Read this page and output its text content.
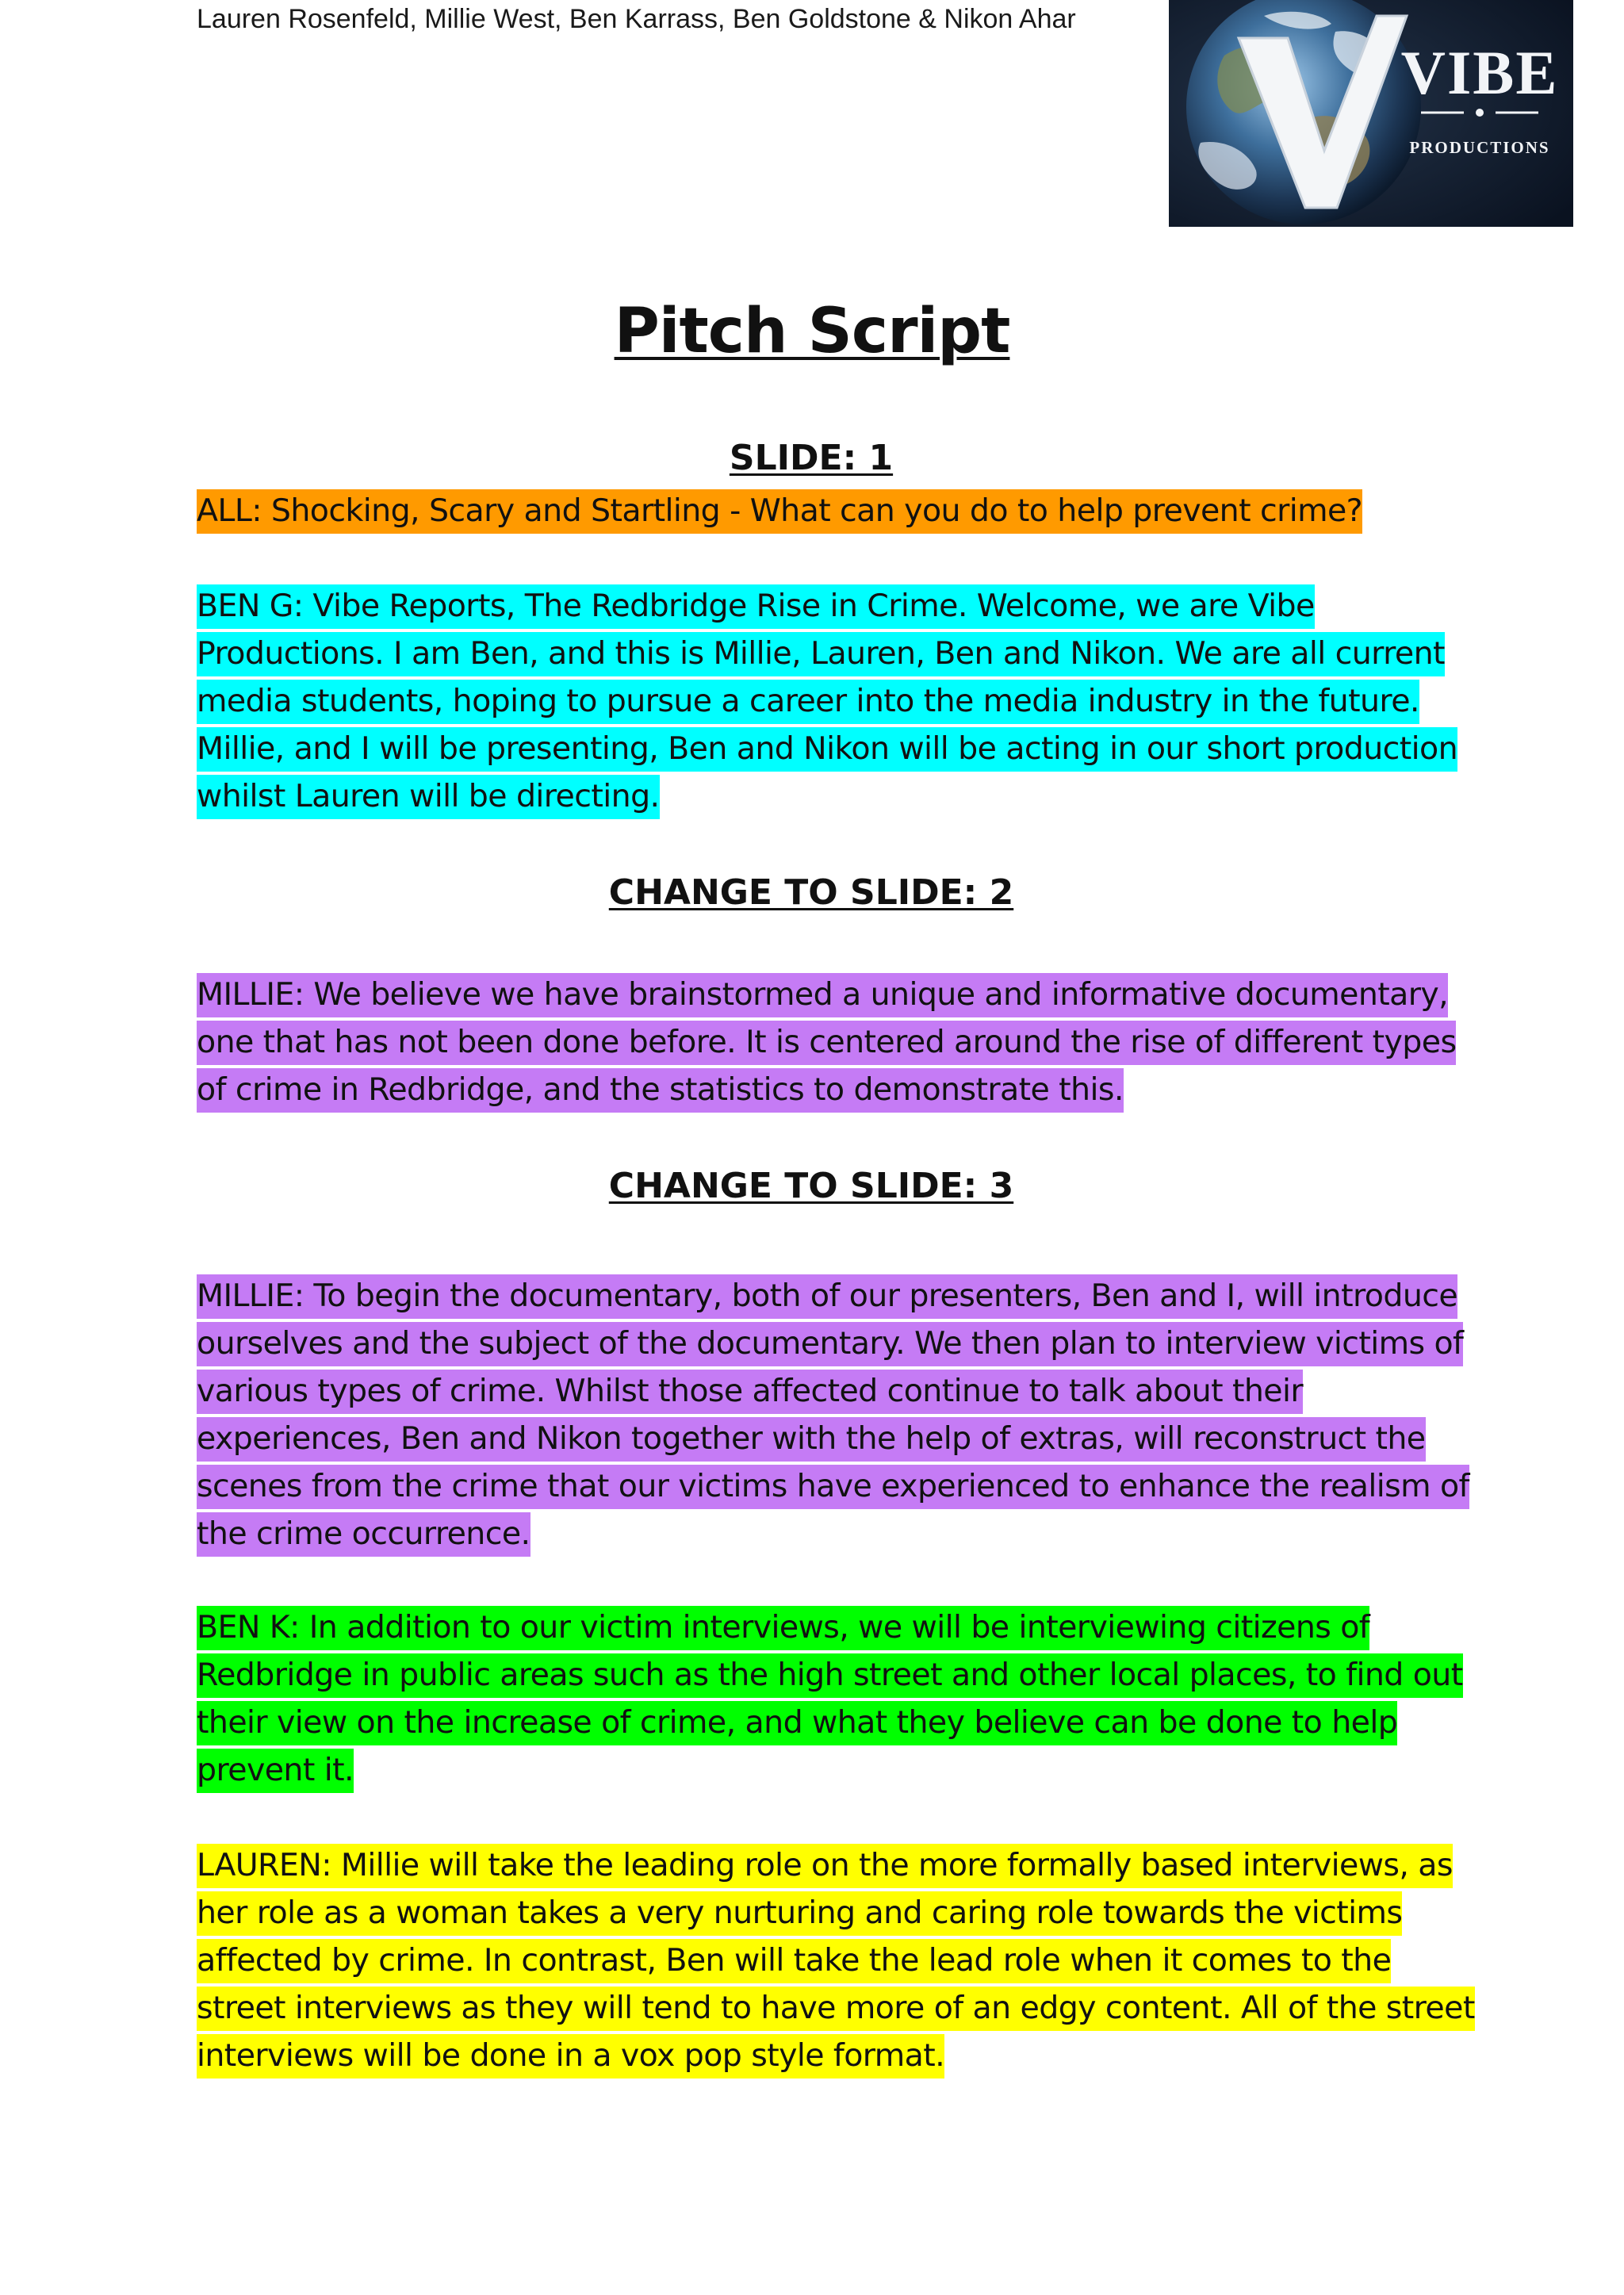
Lauren Rosenfeld, Millie West, Ben Karrass, Ben Goldstone & Nikon Ahar
VIBE
PRODUCTIONS
Pitch Script
SLIDE: 1
ALL: Shocking, Scary and Startling - What can you do to help prevent crime?
BEN G: Vibe Reports, The Redbridge Rise in Crime. Welcome, we are Vibe
Productions. I am Ben, and this is Millie, Lauren, Ben and Nikon. We are all current
media students, hoping to pursue a career into the media industry in the future.
Millie, and I will be presenting, Ben and Nikon will be acting in our short production
whilst Lauren will be directing.
CHANGE TO SLIDE: 2
MILLIE: We believe we have brainstormed a unique and informative documentary,
one that has not been done before. It is centered around the rise of different types
of crime in Redbridge, and the statistics to demonstrate this.
CHANGE TO SLIDE: 3
MILLIE: To begin the documentary, both of our presenters, Ben and I, will introduce
ourselves and the subject of the documentary. We then plan to interview victims of
various types of crime. Whilst those affected continue to talk about their
experiences, Ben and Nikon together with the help of extras, will reconstruct the
scenes from the crime that our victims have experienced to enhance the realism of
the crime occurrence.
BEN K: In addition to our victim interviews, we will be interviewing citizens of
Redbridge in public areas such as the high street and other local places, to find out
their view on the increase of crime, and what they believe can be done to help
prevent it.
LAUREN: Millie will take the leading role on the more formally based interviews, as
her role as a woman takes a very nurturing and caring role towards the victims
affected by crime. In contrast, Ben will take the lead role when it comes to the
street interviews as they will tend to have more of an edgy content. All of the street
interviews will be done in a vox pop style format.
